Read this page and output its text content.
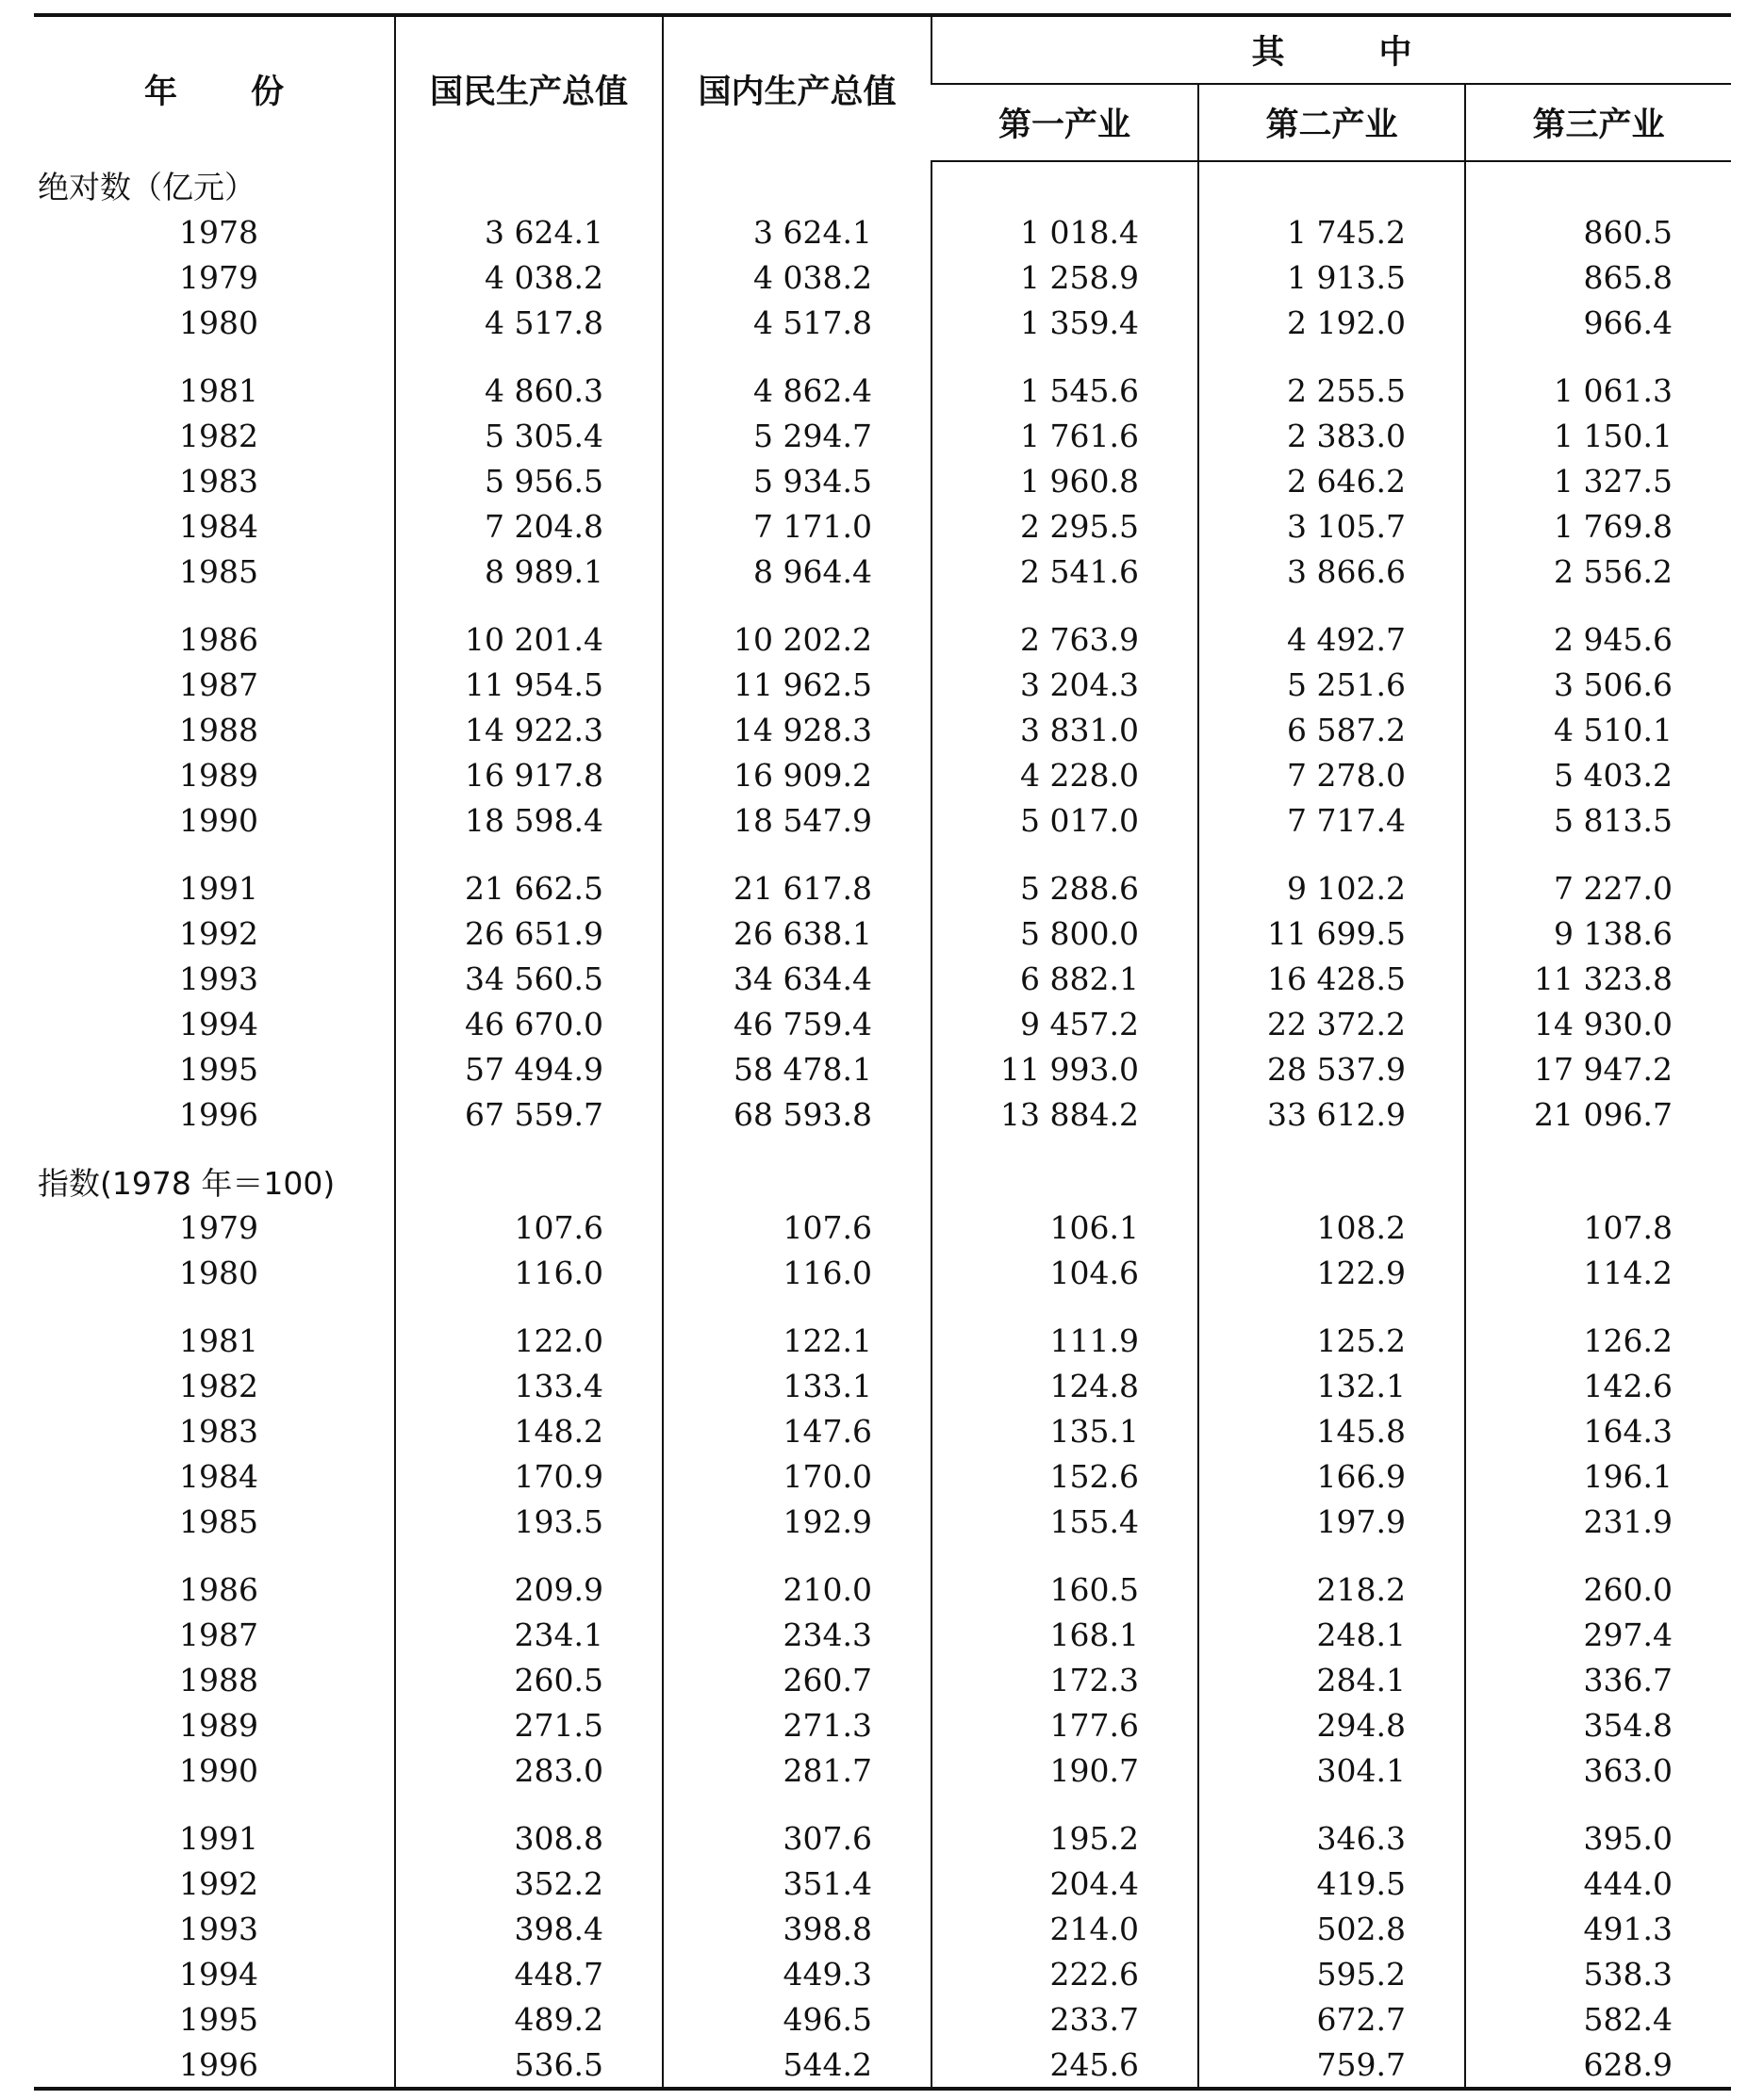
年份	国民生产总值	国内生产总值	其中		
			第一产业	第二产业	第三产业
绝对数（亿元）					
1978	3 624.1	3 624.1	1 018.4	1 745.2	860.5
1979	4 038.2	4 038.2	1 258.9	1 913.5	865.8
1980	4 517.8	4 517.8	1 359.4	2 192.0	966.4
1981	4 860.3	4 862.4	1 545.6	2 255.5	1 061.3
1982	5 305.4	5 294.7	1 761.6	2 383.0	1 150.1
1983	5 956.5	5 934.5	1 960.8	2 646.2	1 327.5
1984	7 204.8	7 171.0	2 295.5	3 105.7	1 769.8
1985	8 989.1	8 964.4	2 541.6	3 866.6	2 556.2
1986	10 201.4	10 202.2	2 763.9	4 492.7	2 945.6
1987	11 954.5	11 962.5	3 204.3	5 251.6	3 506.6
1988	14 922.3	14 928.3	3 831.0	6 587.2	4 510.1
1989	16 917.8	16 909.2	4 228.0	7 278.0	5 403.2
1990	18 598.4	18 547.9	5 017.0	7 717.4	5 813.5
1991	21 662.5	21 617.8	5 288.6	9 102.2	7 227.0
1992	26 651.9	26 638.1	5 800.0	11 699.5	9 138.6
1993	34 560.5	34 634.4	6 882.1	16 428.5	11 323.8
1994	46 670.0	46 759.4	9 457.2	22 372.2	14 930.0
1995	57 494.9	58 478.1	11 993.0	28 537.9	17 947.2
1996	67 559.7	68 593.8	13 884.2	33 612.9	21 096.7
指数(1978 年＝100)					
1979	107.6	107.6	106.1	108.2	107.8
1980	116.0	116.0	104.6	122.9	114.2
1981	122.0	122.1	111.9	125.2	126.2
1982	133.4	133.1	124.8	132.1	142.6
1983	148.2	147.6	135.1	145.8	164.3
1984	170.9	170.0	152.6	166.9	196.1
1985	193.5	192.9	155.4	197.9	231.9
1986	209.9	210.0	160.5	218.2	260.0
1987	234.1	234.3	168.1	248.1	297.4
1988	260.5	260.7	172.3	284.1	336.7
1989	271.5	271.3	177.6	294.8	354.8
1990	283.0	281.7	190.7	304.1	363.0
1991	308.8	307.6	195.2	346.3	395.0
1992	352.2	351.4	204.4	419.5	444.0
1993	398.4	398.8	214.0	502.8	491.3
1994	448.7	449.3	222.6	595.2	538.3
1995	489.2	496.5	233.7	672.7	582.4
1996	536.5	544.2	245.6	759.7	628.9
